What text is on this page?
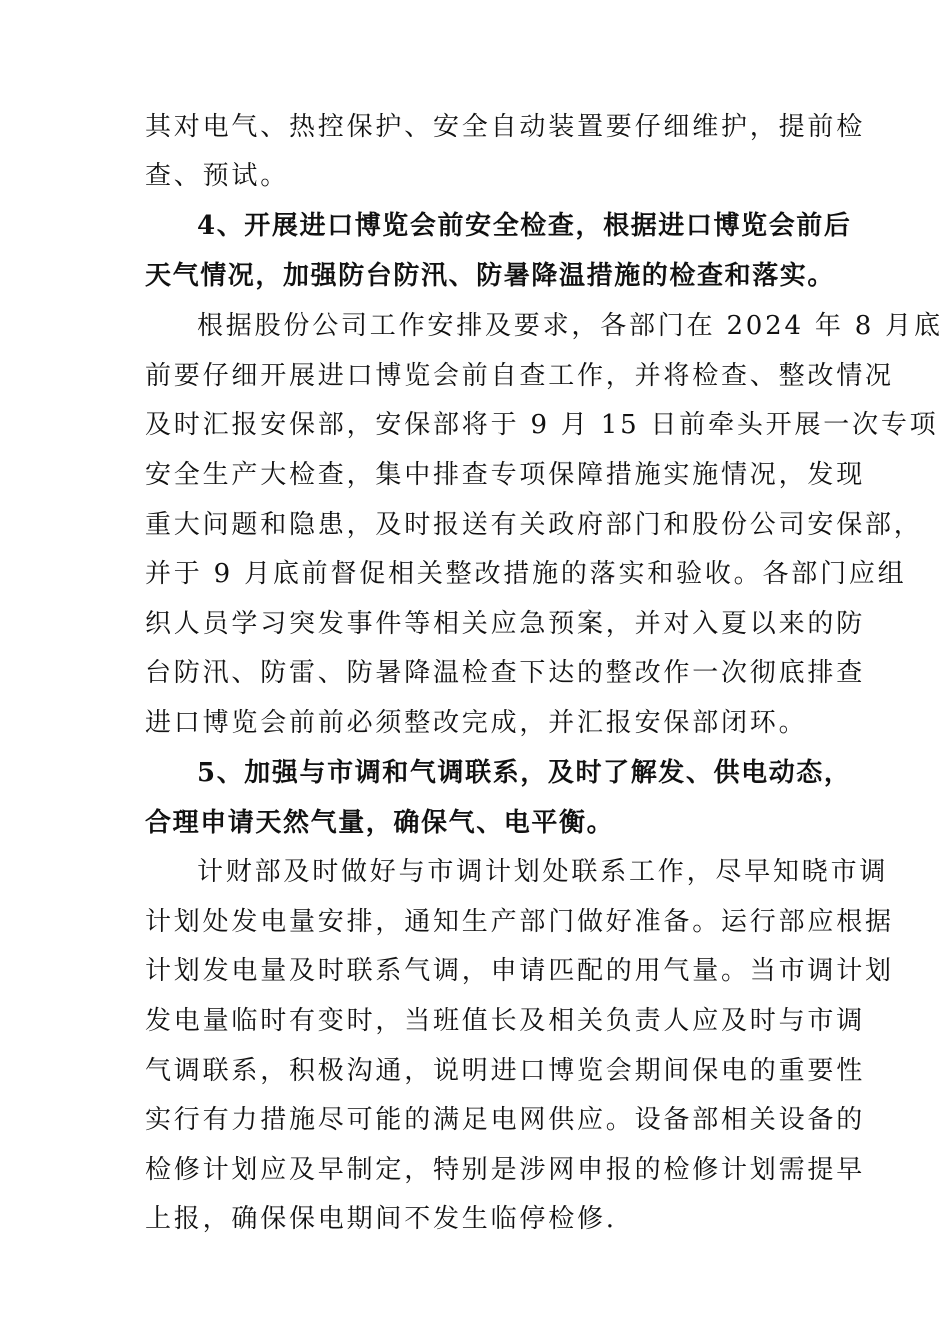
其对电气、热控保护、安全自动装置要仔细维护，提前检
查、预试。
4、开展进口博览会前安全检查，根据进口博览会前后
天气情况，加强防台防汛、防暑降温措施的检查和落实。
根据股份公司工作安排及要求，各部门在 2024 年 8 月底
前要仔细开展进口博览会前自查工作，并将检查、整改情况
及时汇报安保部，安保部将于 9 月 15 日前牵头开展一次专项
安全生产大检查，集中排查专项保障措施实施情况，发现
重大问题和隐患，及时报送有关政府部门和股份公司安保部，
并于 9 月底前督促相关整改措施的落实和验收。各部门应组
织人员学习突发事件等相关应急预案，并对入夏以来的防
台防汛、防雷、防暑降温检查下达的整改作一次彻底排查
进口博览会前前必须整改完成，并汇报安保部闭环。
5、加强与市调和气调联系，及时了解发、供电动态，
合理申请天然气量，确保气、电平衡。
计财部及时做好与市调计划处联系工作，尽早知晓市调
计划处发电量安排，通知生产部门做好准备。运行部应根据
计划发电量及时联系气调，申请匹配的用气量。当市调计划
发电量临时有变时，当班值长及相关负责人应及时与市调
气调联系，积极沟通，说明进口博览会期间保电的重要性
实行有力措施尽可能的满足电网供应。设备部相关设备的
检修计划应及早制定，特别是涉网申报的检修计划需提早
上报，确保保电期间不发生临停检修.
